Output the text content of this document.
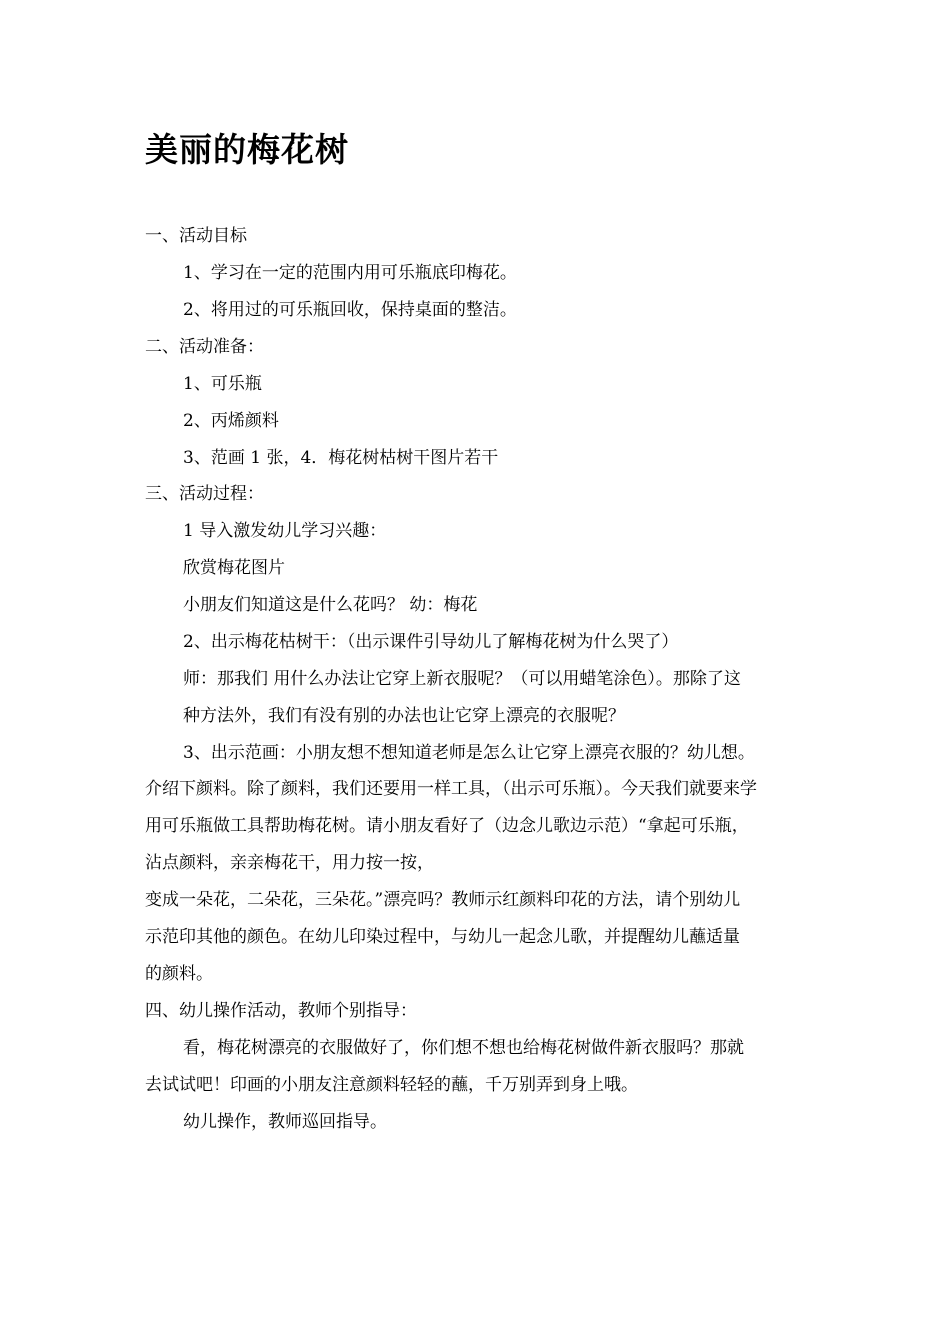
美丽的梅花树
一、活动目标
1、学习在一定的范围内用可乐瓶底印梅花。
2、将用过的可乐瓶回收，保持桌面的整洁。
二、活动准备：
1、可乐瓶
2、丙烯颜料
3、范画 1 张，4．梅花树枯树干图片若干
三、活动过程：
1 导入激发幼儿学习兴趣：
欣赏梅花图片
小朋友们知道这是什么花吗？ 幼：梅花
2、出示梅花枯树干：（出示课件引导幼儿了解梅花树为什么哭了）
师：那我们 用什么办法让它穿上新衣服呢？（可以用蜡笔涂色）。那除了这
种方法外，我们有没有别的办法也让它穿上漂亮的衣服呢？
3、出示范画：小朋友想不想知道老师是怎么让它穿上漂亮衣服的？幼儿想。
介绍下颜料。除了颜料，我们还要用一样工具，（出示可乐瓶）。今天我们就要来学
用可乐瓶做工具帮助梅花树。请小朋友看好了（边念儿歌边示范）“拿起可乐瓶，
沾点颜料，亲亲梅花干，用力按一按，
变成一朵花，二朵花，三朵花。”漂亮吗？教师示红颜料印花的方法，请个别幼儿
示范印其他的颜色。在幼儿印染过程中，与幼儿一起念儿歌，并提醒幼儿蘸适量
的颜料。
四、幼儿操作活动，教师个别指导：
看，梅花树漂亮的衣服做好了，你们想不想也给梅花树做件新衣服吗？那就
去试试吧！印画的小朋友注意颜料轻轻的蘸，千万别弄到身上哦。
幼儿操作，教师巡回指导。
